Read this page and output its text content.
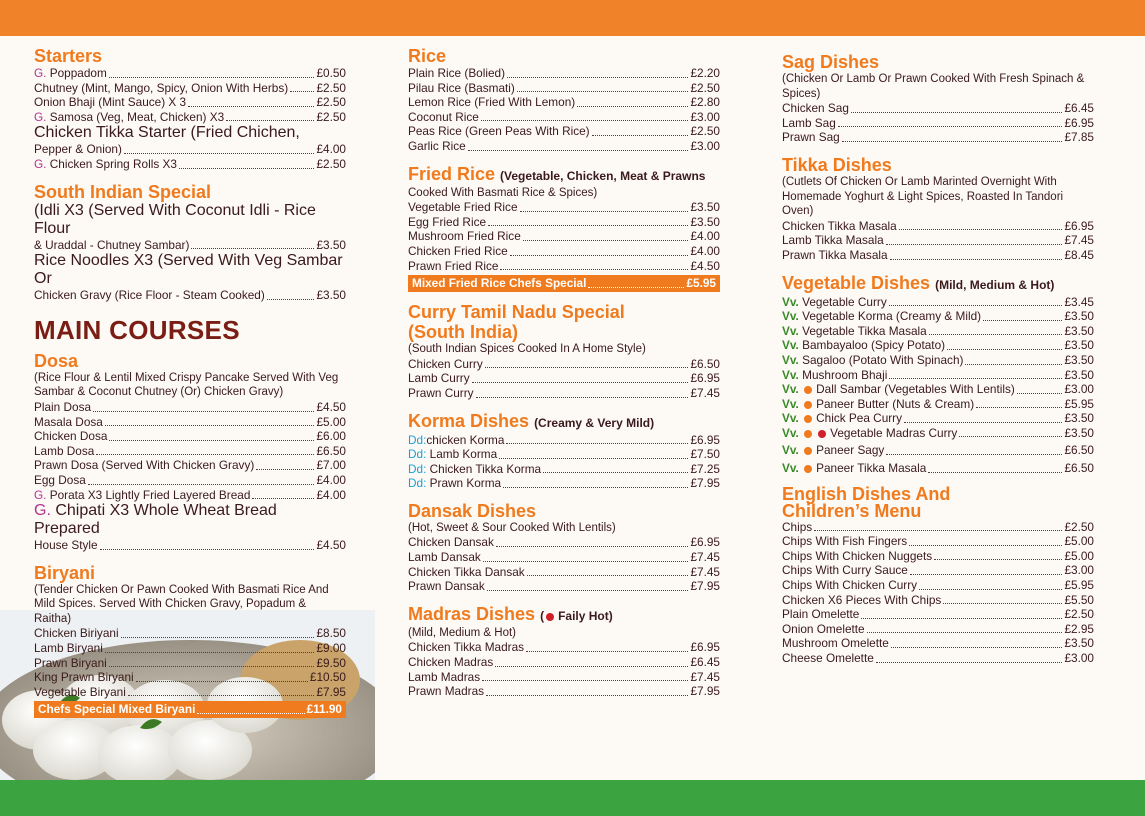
Starters
G. Poppadom	£0.50
Chutney (Mint, Mango, Spicy, Onion With Herbs) £2.50
Onion Bhaji (Mint Sauce) X 3	£2.50
G. Samosa (Veg, Meat, Chicken) X3	£2.50
Chicken Tikka Starter (Fried Chichen,
Pepper & Onion)	£4.00
G. Chicken Spring Rolls X3	£2.50
South Indian Special
(Idli X3 (Served With Coconut Idli - Rice Flour
& Uraddal - Chutney Sambar)	£3.50
Rice Noodles X3 (Served With Veg Sambar Or
Chicken Gravy (Rice Floor - Steam Cooked)	£3.50
MAIN COURSES
Dosa
(Rice Flour & Lentil Mixed Crispy Pancake Served With Veg Sambar & Coconut Chutney (Or) Chicken Gravy)
Plain Dosa	£4.50
Masala Dosa	£5.00
Chicken Dosa	£6.00
Lamb Dosa	£6.50
Prawn Dosa (Served With Chicken Gravy)	£7.00
Egg Dosa	£4.00
G. Porata X3 Lightly Fried Layered Bread	£4.00
G. Chipati X3 Whole Wheat Bread Prepared
House Style	£4.50
Biryani
(Tender Chicken Or Pawn Cooked With Basmati Rice And Mild Spices. Served With Chicken Gravy, Popadum & Raitha)
Chicken Biriyani	£8.50
Lamb Biryani	£9.00
Prawn Biryani	£9.50
King Prawn Biryani	£10.50
Vegetable Biryani	£7.95
Chefs Special Mixed Biryani	£11.90
Rice
Plain Rice (Bolied)	£2.20
Pilau Rice (Basmati)	£2.50
Lemon Rice (Fried With Lemon)	£2.80
Coconut Rice	£3.00
Peas Rice (Green Peas With Rice)	£2.50
Garlic Rice	£3.00
Fried Rice (Vegetable, Chicken, Meat & Prawns
Cooked With Basmati Rice & Spices)
Vegetable Fried Rice	£3.50
Egg Fried Rice	£3.50
Mushroom Fried Rice	£4.00
Chicken Fried Rice	£4.00
Prawn Fried Rice	£4.50
Mixed Fried Rice Chefs Special	£5.95
Curry Tamil Nadu Special
(South India)
(South Indian Spices Cooked In A Home Style)
Chicken Curry	£6.50
Lamb Curry	£6.95
Prawn Curry	£7.45
Korma Dishes (Creamy & Very Mild)
Dd:chicken Korma	£6.95
Dd: Lamb Korma	£7.50
Dd: Chicken Tikka Korma	£7.25
Dd: Prawn Korma	£7.95
Dansak Dishes
(Hot, Sweet & Sour Cooked With Lentils)
Chicken Dansak	£6.95
Lamb Dansak	£7.45
Chicken Tikka Dansak	£7.45
Prawn Dansak	£7.95
Madras Dishes ( Faily Hot)
(Mild, Medium & Hot)
Chicken Tikka Madras	£6.95
Chicken Madras	£6.45
Lamb Madras	£7.45
Prawn Madras	£7.95
Sag Dishes
(Chicken Or Lamb Or Prawn Cooked With Fresh Spinach & Spices)
Chicken Sag	£6.45
Lamb Sag	£6.95
Prawn Sag	£7.85
Tikka Dishes
(Cutlets Of Chicken Or Lamb Marinted Overnight With Homemade Yoghurt & Light Spices, Roasted In Tandori Oven)
Chicken Tikka Masala	£6.95
Lamb Tikka Masala	£7.45
Prawn Tikka Masala	£8.45
Vegetable Dishes (Mild, Medium & Hot)
Vv. Vegetable Curry	£3.45
Vv. Vegetable Korma (Creamy & Mild)	£3.50
Vv. Vegetable Tikka Masala	£3.50
Vv. Bambayaloo (Spicy Potato)	£3.50
Vv. Sagaloo (Potato With Spinach)	£3.50
Vv. Mushroom Bhaji	£3.50
Vv. Dall Sambar (Vegetables With Lentils)	£3.00
Vv. Paneer Butter (Nuts & Cream)	£5.95
Vv. Chick Pea Curry	£3.50
Vv.	Vegetable Madras Curry	£3.50
Vv. Paneer Sagy	£6.50
Vv. Paneer Tikka Masala	£6.50
English Dishes And
Children’s Menu
Chips	£2.50
Chips With Fish Fingers	£5.00
Chips With Chicken Nuggets	£5.00
Chips With Curry Sauce	£3.00
Chips With Chicken Curry	£5.95
Chicken X6 Pieces With Chips	£5.50
Plain Omelette	£2.50
Onion Omelette	£2.95
Mushroom Omelette	£3.50
Cheese Omelette	£3.00
